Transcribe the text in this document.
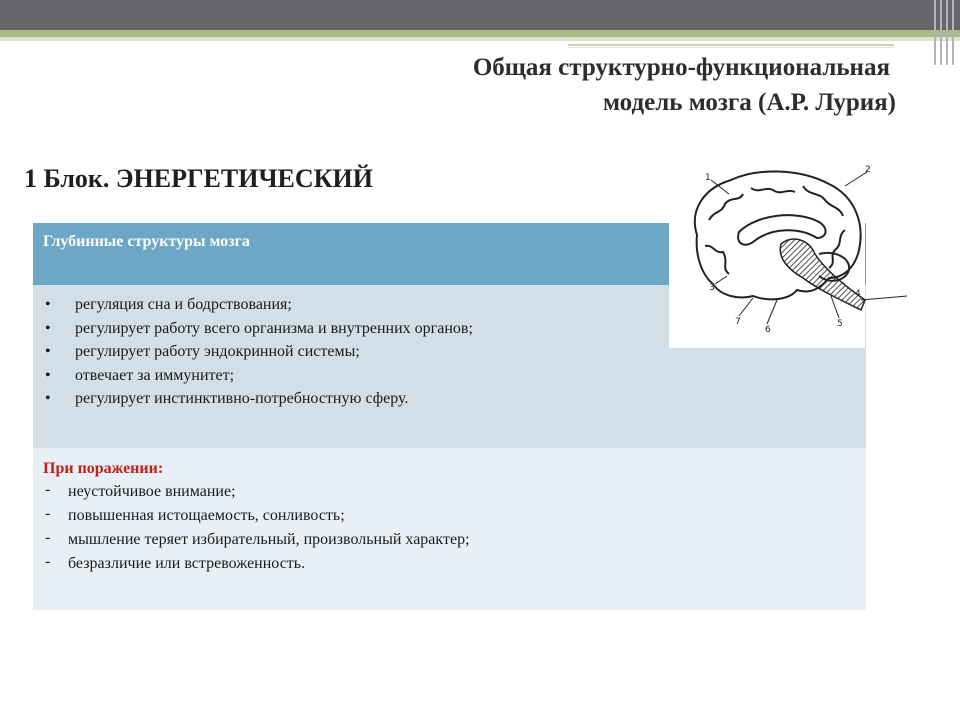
Общая структурно-функциональная
модель мозга (А.Р. Лурия)
1 Блок. ЭНЕРГЕТИЧЕСКИЙ
Глубинные структуры мозга
• регуляция сна и бодрствования;
• регулирует работу всего организма и внутренних органов;
• регулирует работу эндокринной системы;
• отвечает за иммунитет;
• регулирует инстинктивно-потребностную сферу.
При поражении:
- неустойчивое внимание;
- повышенная истощаемость, сонливость;
- мышление теряет избирательный, произвольный характер;
- безразличие или встревоженность.
1
2
3
4
5
6
7
